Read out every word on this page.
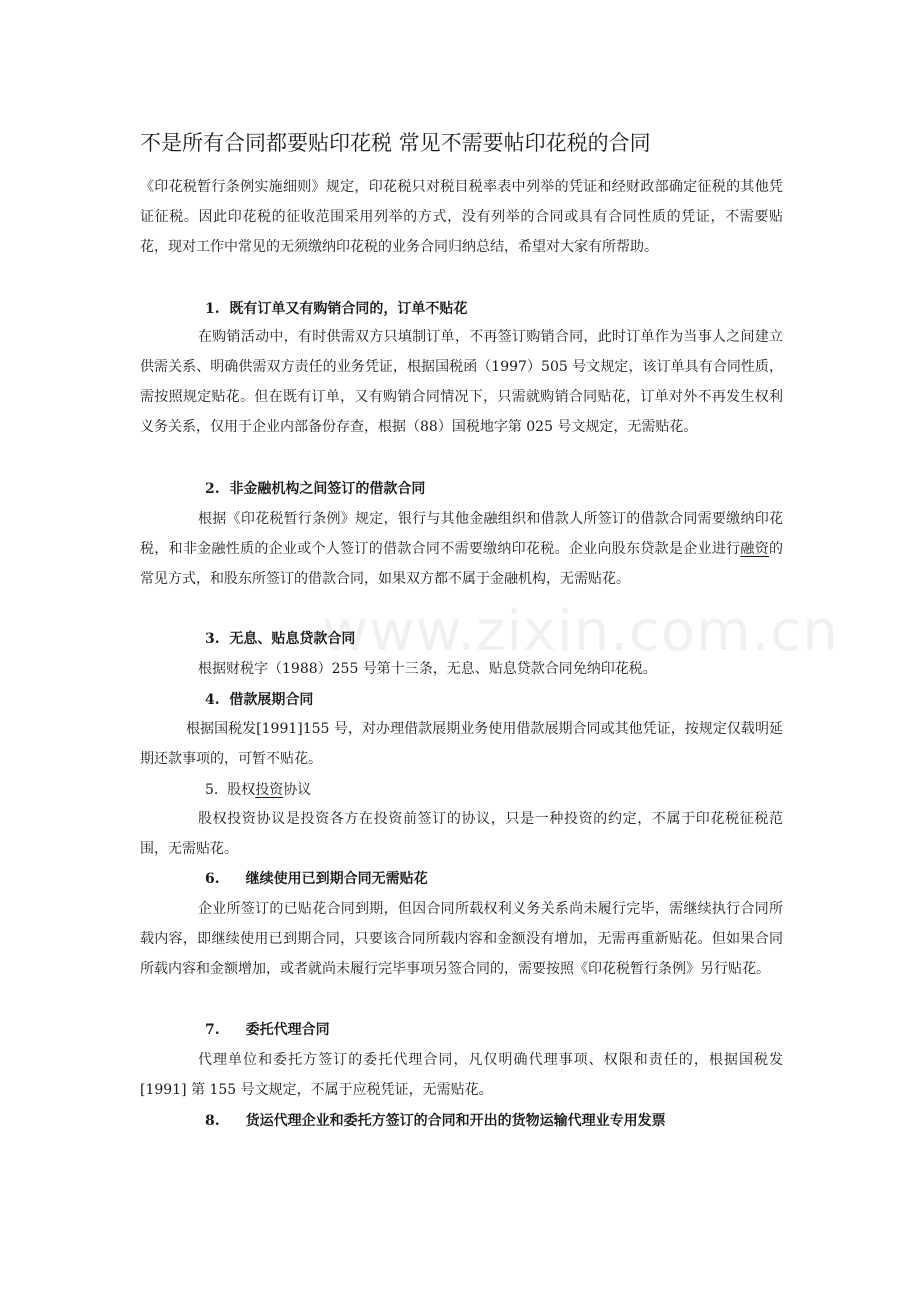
不是所有合同都要贴印花税 常见不需要帖印花税的合同

《印花税暂行条例实施细则》规定，印花税只对税目税率表中列举的凭证和经财政部确定征税的其他凭证征税。因此印花税的征收范围采用列举的方式，没有列举的合同或具有合同性质的凭证，不需要贴花，现对工作中常见的无须缴纳印花税的业务合同归纳总结，希望对大家有所帮助。

1. 既有订单又有购销合同的，订单不贴花

在购销活动中，有时供需双方只填制订单，不再签订购销合同，此时订单作为当事人之间建立供需关系、明确供需双方责任的业务凭证，根据国税函（1997）505 号文规定，该订单具有合同性质，需按照规定贴花。但在既有订单，又有购销合同情况下，只需就购销合同贴花，订单对外不再发生权利义务关系，仅用于企业内部备份存查，根据（88）国税地字第 025 号文规定，无需贴花。

2. 非金融机构之间签订的借款合同

根据《印花税暂行条例》规定，银行与其他金融组织和借款人所签订的借款合同需要缴纳印花税，和非金融性质的企业或个人签订的借款合同不需要缴纳印花税。企业向股东贷款是企业进行融资的常见方式，和股东所签订的借款合同，如果双方都不属于金融机构，无需贴花。

3. 无息、贴息贷款合同

根据财税字（1988）255 号第十三条，无息、贴息贷款合同免纳印花税。

4. 借款展期合同

根据国税发[1991]155 号，对办理借款展期业务使用借款展期合同或其他凭证，按规定仅载明延期还款事项的，可暂不贴花。

5. 股权投资协议

股权投资协议是投资各方在投资前签订的协议，只是一种投资的约定，不属于印花税征税范围，无需贴花。

6. 继续使用已到期合同无需贴花

企业所签订的已贴花合同到期，但因合同所载权利义务关系尚未履行完毕，需继续执行合同所载内容，即继续使用已到期合同，只要该合同所载内容和金额没有增加，无需再重新贴花。但如果合同所载内容和金额增加，或者就尚未履行完毕事项另签合同的，需要按照《印花税暂行条例》另行贴花。

7. 委托代理合同

代理单位和委托方签订的委托代理合同，凡仅明确代理事项、权限和责任的，根据国税发[1991] 第 155 号文规定，不属于应税凭证，无需贴花。

8. 货运代理企业和委托方签订的合同和开出的货物运输代理业专用发票
www.zixin.com.cn
